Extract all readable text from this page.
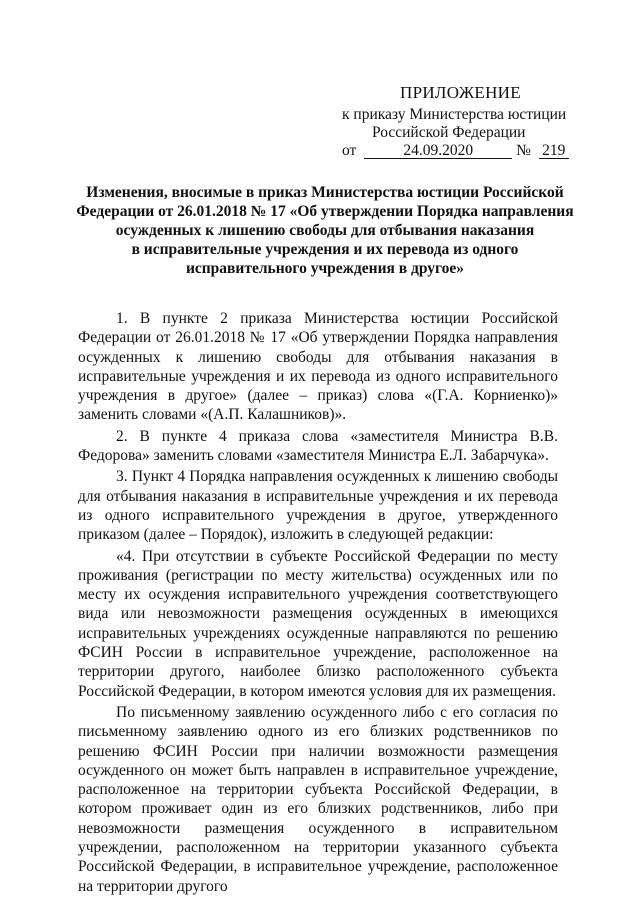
ПРИЛОЖЕНИЕ
к приказу Министерства юстиции
Российской Федерации
от	24.09.2020	№ 219
Изменения, вносимые в приказ Министерства юстиции Российской
Федерации от 26.01.2018 № 17 «Об утверждении Порядка направления
осужденных к лишению свободы для отбывания наказания
в исправительные учреждения и их перевода из одного
исправительного учреждения в другое»

1. В пункте 2 приказа Министерства юстиции Российской Федерации от 26.01.2018 № 17 «Об утверждении Порядка направления осужденных к лишению свободы для отбывания наказания в исправительные учреждения и их перевода из одного исправительного учреждения в другое» (далее – приказ) слова «(Г.А. Корниенко)» заменить словами «(А.П. Калашников)».

2. В пункте 4 приказа слова «заместителя Министра В.В. Федорова» заменить словами «заместителя Министра Е.Л. Забарчука».

3. Пункт 4 Порядка направления осужденных к лишению свободы для отбывания наказания в исправительные учреждения и их перевода из одного исправительного учреждения в другое, утвержденного приказом (далее – Порядок), изложить в следующей редакции:

«4. При отсутствии в субъекте Российской Федерации по месту проживания (регистрации по месту жительства) осужденных или по месту их осуждения исправительного учреждения соответствующего вида или невозможности размещения осужденных в имеющихся исправительных учреждениях осужденные направляются по решению ФСИН России в исправительное учреждение, расположенное на территории другого, наиболее близко расположенного субъекта Российской Федерации, в котором имеются условия для их размещения.

По письменному заявлению осужденного либо с его согласия по письменному заявлению одного из его близких родственников по решению ФСИН России при наличии возможности размещения осужденного он может быть направлен в исправительное учреждение, расположенное на территории субъекта Российской Федерации, в котором проживает один из его близких родственников, либо при невозможности размещения осужденного в исправительном учреждении, расположенном на территории указанного субъекта Российской Федерации, в исправительное учреждение, расположенное на территории другого
